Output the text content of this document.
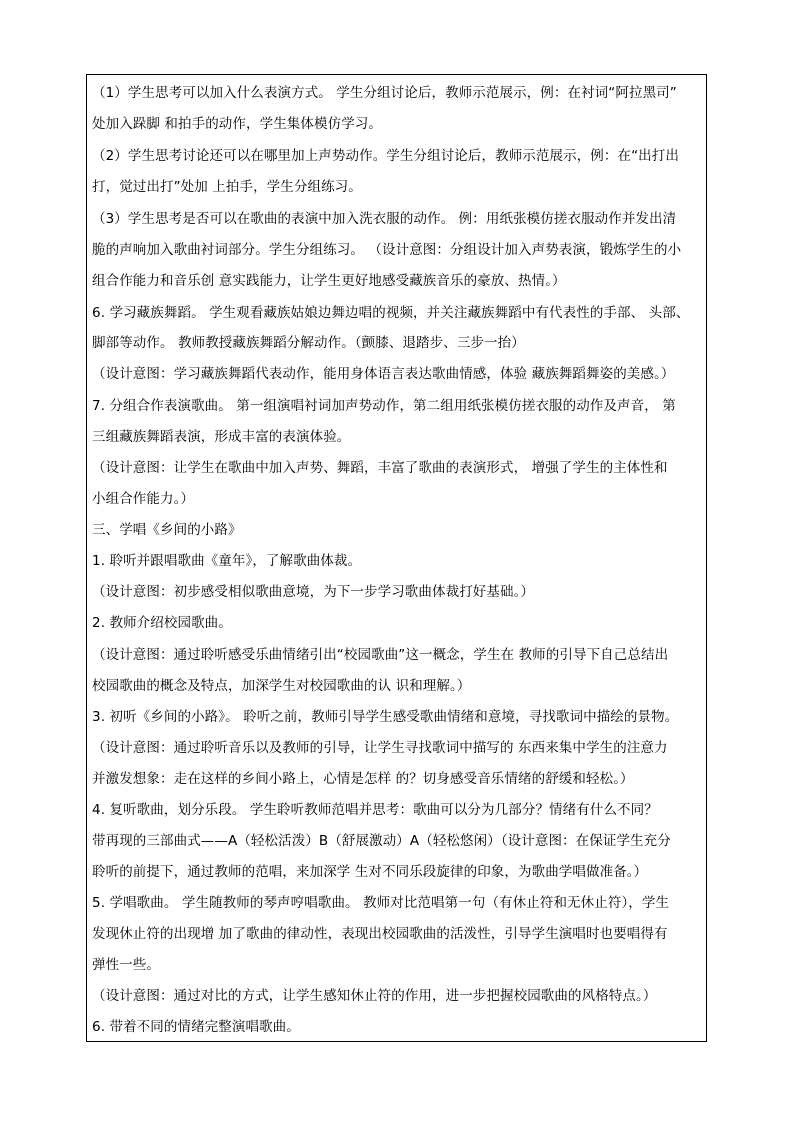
（1）学生思考可以加入什么表演方式。 学生分组讨论后，教师示范展示，例：在衬词“阿拉黑司”
处加入跺脚 和拍手的动作，学生集体模仿学习。
（2）学生思考讨论还可以在哪里加上声势动作。学生分组讨论后，教师示范展示，例：在“出打出
打，觉过出打”处加 上拍手，学生分组练习。
（3）学生思考是否可以在歌曲的表演中加入洗衣服的动作。 例：用纸张模仿搓衣服动作并发出清
脆的声响加入歌曲衬词部分。学生分组练习。 （设计意图：分组设计加入声势表演，锻炼学生的小
组合作能力和音乐创 意实践能力，让学生更好地感受藏族音乐的豪放、热情。）
6. 学习藏族舞蹈。 学生观看藏族姑娘边舞边唱的视频，并关注藏族舞蹈中有代表性的手部、 头部、
脚部等动作。 教师教授藏族舞蹈分解动作。（颤膝、退踏步、三步一抬）
（设计意图：学习藏族舞蹈代表动作，能用身体语言表达歌曲情感，体验 藏族舞蹈舞姿的美感。）
7. 分组合作表演歌曲。 第一组演唱衬词加声势动作，第二组用纸张模仿搓衣服的动作及声音， 第
三组藏族舞蹈表演，形成丰富的表演体验。
（设计意图：让学生在歌曲中加入声势、舞蹈，丰富了歌曲的表演形式， 增强了学生的主体性和
小组合作能力。）
三、学唱《乡间的小路》
1. 聆听并跟唱歌曲《童年》，了解歌曲体裁。
（设计意图：初步感受相似歌曲意境，为下一步学习歌曲体裁打好基础。）
2. 教师介绍校园歌曲。
（设计意图：通过聆听感受乐曲情绪引出“校园歌曲”这一概念，学生在 教师的引导下自己总结出
校园歌曲的概念及特点，加深学生对校园歌曲的认 识和理解。）
3. 初听《乡间的小路》。 聆听之前，教师引导学生感受歌曲情绪和意境，寻找歌词中描绘的景物。
（设计意图：通过聆听音乐以及教师的引导，让学生寻找歌词中描写的 东西来集中学生的注意力
并激发想象：走在这样的乡间小路上，心情是怎样 的？切身感受音乐情绪的舒缓和轻松。）
4. 复听歌曲，划分乐段。 学生聆听教师范唱并思考：歌曲可以分为几部分？情绪有什么不同？
带再现的三部曲式——A（轻松活泼）B（舒展激动）A（轻松悠闲）（设计意图：在保证学生充分
聆听的前提下，通过教师的范唱，来加深学 生对不同乐段旋律的印象，为歌曲学唱做准备。）
5. 学唱歌曲。 学生随教师的琴声哼唱歌曲。 教师对比范唱第一句（有休止符和无休止符），学生
发现休止符的出现增 加了歌曲的律动性，表现出校园歌曲的活泼性，引导学生演唱时也要唱得有
弹性一些。
（设计意图：通过对比的方式，让学生感知休止符的作用，进一步把握校园歌曲的风格特点。）
6. 带着不同的情绪完整演唱歌曲。
